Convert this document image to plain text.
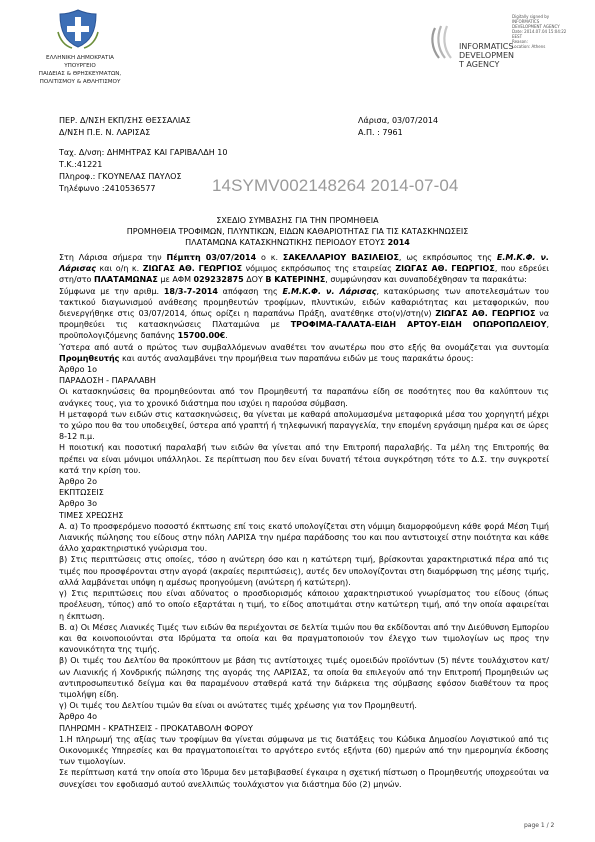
ΕΛΛΗΝΙΚΗ ΔΗΜΟΚΡΑΤΙΑ
ΥΠΟΥΡΓΕΙΟ
ΠΑΙΔΕΙΑΣ & ΘΡΗΣΚΕΥΜΑΤΩΝ,
ΠΟΛΙΤΙΣΜΟΥ & ΑΘΛΗΤΙΣΜΟΥ
INFORMATICS
DEVELOPMEN
T AGENCY
Digitally signed by
INFORMATICS
DEVELOPMENT AGENCY
Date: 2014.07.04 15:04:22
EEST
Reason:
Location: Athens
ΠΕΡ. Δ/ΝΣΗ ΕΚΠ/ΣΗΣ ΘΕΣΣΑΛΙΑΣ
Δ/ΝΣΗ Π.Ε. Ν. ΛΑΡΙΣΑΣ
Λάρισα, 03/07/2014
Α.Π. : 7961
Ταχ. Δ/νση: ΔΗΜΗΤΡΑΣ ΚΑΙ ΓΑΡΙΒΑΛΔΗ 10
Τ.Κ.:41221
Πληροφ.: ΓΚΟΥΝΕΛΑΣ ΠΑΥΛΟΣ
Τηλέφωνο :2410536577	14SYMV002148264 2014-07-04
ΣΧΕΔΙΟ ΣΥΜΒΑΣΗΣ ΓΙΑ ΤΗΝ ΠΡΟΜΗΘΕΙΑ
ΠΡΟΜΗΘΕΙΑ ΤΡΟΦΙΜΩΝ, ΠΛΥΝΤΙΚΩΝ, ΕΙΔΩΝ ΚΑΘΑΡΙΟΤΗΤΑΣ ΓΙΑ ΤΙΣ ΚΑΤΑΣΚΗΝΩΣΕΙΣ
ΠΛΑΤΑΜΩΝΑ ΚΑΤΑΣΚΗΝΩΤΙΚΗΣ ΠΕΡΙΟΔΟΥ ΕΤΟΥΣ 2014

Στη Λάρισα σήμερα την Πέμπτη 03/07/2014 ο κ. ΣΑΚΕΛΛΑΡΙΟΥ ΒΑΣΙΛΕΙΟΣ, ως εκπρόσωπος της Ε.Μ.Κ.Φ. ν. Λάρισας και ο/η κ. ΖΙΩΓΑΣ ΑΘ. ΓΕΩΡΓΙΟΣ νόμιμος εκπρόσωπος της εταιρείας ΖΙΩΓΑΣ ΑΘ. ΓΕΩΡΓΙΟΣ, που εδρεύει στη/στο ΠΛΑΤΑΜΩΝΑΣ με ΑΦΜ 029232875 ΔΟΥ Β ΚΑΤΕΡΙΝΗΣ, συμφώνησαν και συναποδέχθησαν τα παρακάτω:

Σύμφωνα με την αριθμ. 18/3-7-2014 απόφαση της Ε.Μ.Κ.Φ. ν. Λάρισας, κατακύρωσης των αποτελεσμάτων του τακτικού διαγωνισμού ανάθεσης προμηθευτών τροφίμων, πλυντικών, ειδών καθαριότητας και μεταφορικών, που διενεργήθηκε στις 03/07/2014, όπως ορίζει η παραπάνω Πράξη, ανατέθηκε στο(ν)/στη(ν) ΖΙΩΓΑΣ ΑΘ. ΓΕΩΡΓΙΟΣ να προμηθεύει τις κατασκηνώσεις Πλαταμώνα με ΤΡΟΦΙΜΑ-ΓΑΛΑΤΑ-ΕΙΔΗ ΑΡΤΟΥ-ΕΙΔΗ ΟΠΩΡΟΠΩΛΕΙΟΥ, προϋπολογιζόμενης δαπάνης 15700.00€.

Ύστερα από αυτά ο πρώτος των συμβαλλόμενων αναθέτει τον ανωτέρω που στο εξής θα ονομάζεται για συντομία Προμηθευτής και αυτός αναλαμβάνει την προμήθεια των παραπάνω ειδών με τους παρακάτω όρους:

Άρθρο 1ο

ΠΑΡΑΔΟΣΗ - ΠΑΡΑΛΑΒΗ

Οι κατασκηνώσεις θα προμηθεύονται από τον Προμηθευτή τα παραπάνω είδη σε ποσότητες που θα καλύπτουν τις ανάγκες τους, για το χρονικό διάστημα που ισχύει η παρούσα σύμβαση.

Η μεταφορά των ειδών στις κατασκηνώσεις, θα γίνεται με καθαρά απολυμασμένα μεταφορικά μέσα του χορηγητή μέχρι το χώρο που θα του υποδειχθεί, ύστερα από γραπτή ή τηλεφωνική παραγγελία, την επομένη εργάσιμη ημέρα και σε ώρες 8-12 π.μ.

Η ποιοτική και ποσοτική παραλαβή των ειδών θα γίνεται από την Επιτροπή παραλαβής. Τα μέλη της Επιτροπής θα πρέπει να είναι μόνιμοι υπάλληλοι. Σε περίπτωση που δεν είναι δυνατή τέτοια συγκρότηση τότε το Δ.Σ. την συγκροτεί κατά την κρίση του.

Άρθρο 2ο

ΕΚΠΤΩΣΕΙΣ

Άρθρο 3ο

ΤΙΜΕΣ ΧΡΕΩΣΗΣ

Α. α) Το προσφερόμενο ποσοστό έκπτωσης επί τοις εκατό υπολογίζεται στη νόμιμη διαμορφούμενη κάθε φορά Μέση Τιμή Λιανικής πώλησης του είδους στην πόλη ΛΑΡΙΣΑ την ημέρα παράδοσης του και που αντιστοιχεί στην ποιότητα και κάθε άλλο χαρακτηριστικό γνώρισμα του.

β) Στις περιπτώσεις στις οποίες, τόσο η ανώτερη όσο και η κατώτερη τιμή, βρίσκονται χαρακτηριστικά πέρα από τις τιμές που προσφέρονται στην αγορά (ακραίες περιπτώσεις), αυτές δεν υπολογίζονται στη διαμόρφωση της μέσης τιμής, αλλά λαμβάνεται υπόψη η αμέσως προηγούμενη (ανώτερη ή κατώτερη).

γ) Στις περιπτώσεις που είναι αδύνατος ο προσδιορισμός κάποιου χαρακτηριστικού γνωρίσματος του είδους (όπως προέλευση, τύπος) από το οποίο εξαρτάται η τιμή, το είδος αποτιμάται στην κατώτερη τιμή, από την οποία αφαιρείται η έκπτωση.

Β. α) Οι Μέσες Λιανικές Τιμές των ειδών θα περιέχονται σε δελτία τιμών που θα εκδίδονται από την Διεύθυνση Εμπορίου και θα κοινοποιούνται στα Ιδρύματα τα οποία και θα πραγματοποιούν τον έλεγχο των τιμολογίων ως προς την κανονικότητα της τιμής.

β) Οι τιμές του Δελτίου θα προκύπτουν με βάση τις αντίστοιχες τιμές ομοειδών προϊόντων (5) πέντε τουλάχιστον κατ/ων Λιανικής ή Χονδρικής πώλησης της αγοράς της ΛΑΡΙΣΑΣ, τα οποία θα επιλεγούν από την Επιτροπή Προμηθειών ως αντιπροσωπευτικό δείγμα και θα παραμένουν σταθερά κατά την διάρκεια της σύμβασης εφόσον διαθέτουν τα προς τιμολήψη είδη.

γ) Οι τιμές του Δελτίου τιμών θα είναι οι ανώτατες τιμές χρέωσης για τον Προμηθευτή.

Άρθρο 4ο

ΠΛΗΡΩΜΗ - ΚΡΑΤΗΣΕΙΣ - ΠΡΟΚΑΤΑΒΟΛΗ ΦΟΡΟΥ

1.Η πληρωμή της αξίας των τροφίμων θα γίνεται σύμφωνα με τις διατάξεις του Κώδικα Δημοσίου Λογιστικού από τις Οικονομικές Υπηρεσίες και θα πραγματοποιείται το αργότερο εντός εξήντα (60) ημερών από την ημερομηνία έκδοσης των τιμολογίων.

Σε περίπτωση κατά την οποία στο Ίδρυμα δεν μεταβιβασθεί έγκαιρα η σχετική πίστωση ο Προμηθευτής υποχρεούται να συνεχίσει τον εφοδιασμό αυτού ανελλιπώς τουλάχιστον για διάστημα δύο (2) μηνών.

page 1 / 2
